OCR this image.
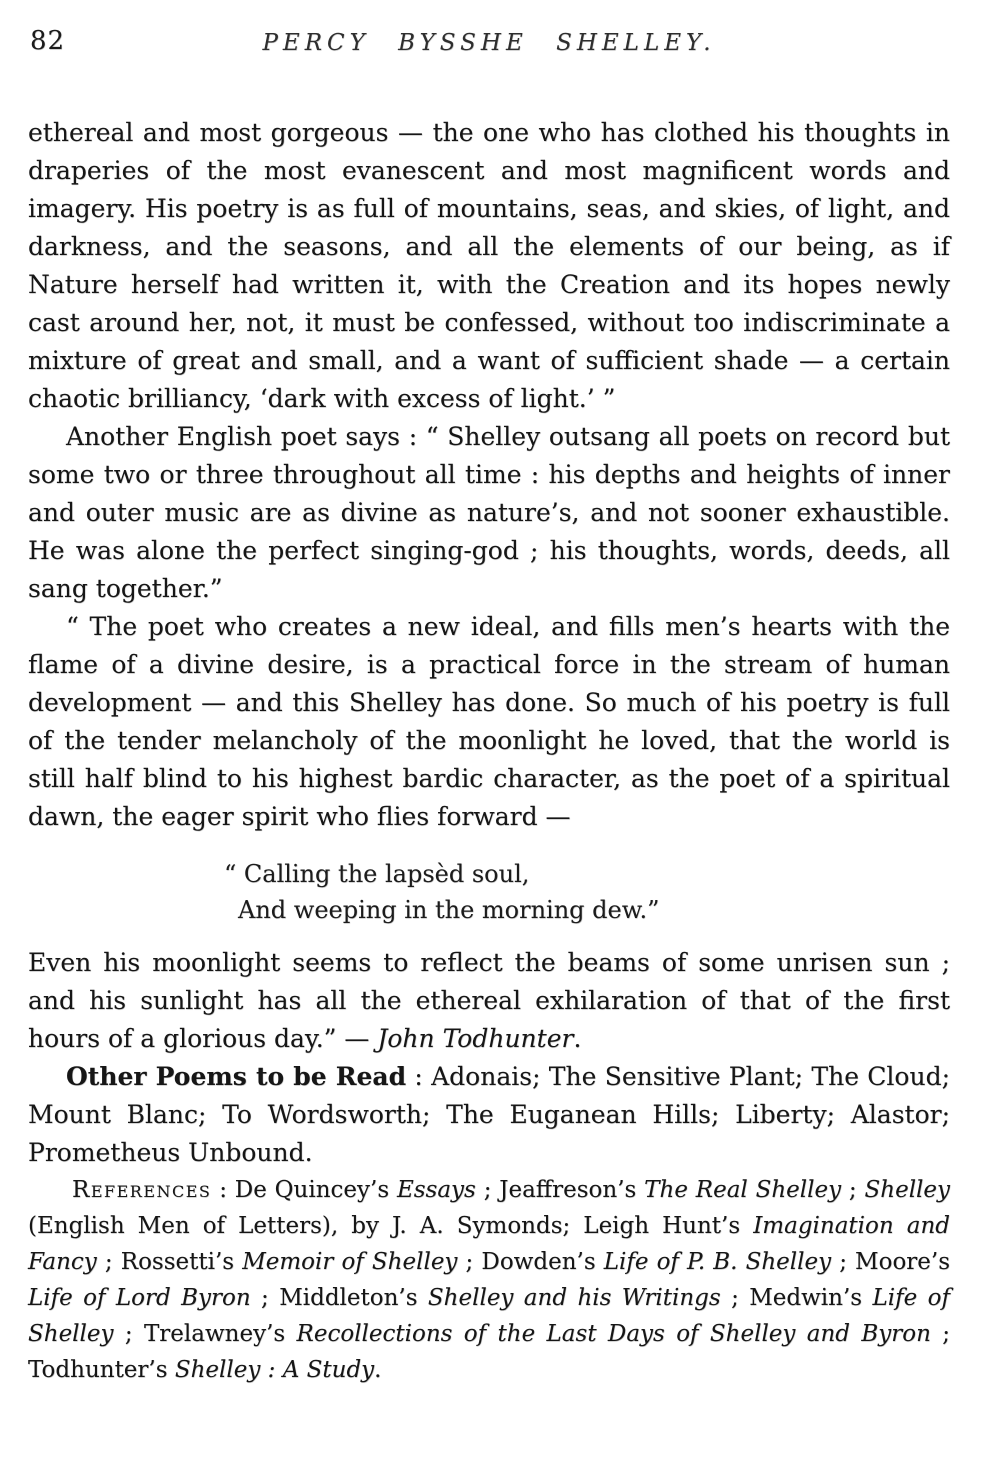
82	PERCY BYSSHE SHELLEY.

ethereal and most gorgeous — the one who has clothed his thoughts in draperies of the most evanescent and most magnificent words and imagery. His poetry is as full of mountains, seas, and skies, of light, and darkness, and the seasons, and all the elements of our being, as if Nature herself had written it, with the Creation and its hopes newly cast around her, not, it must be confessed, without too indiscriminate a mixture of great and small, and a want of sufficient shade — a certain chaotic brilliancy, ‘dark with excess of light.’ ”

Another English poet says : “ Shelley outsang all poets on record but some two or three throughout all time : his depths and heights of inner and outer music are as divine as nature’s, and not sooner exhaustible. He was alone the perfect singing-god ; his thoughts, words, deeds, all sang together.”

“ The poet who creates a new ideal, and fills men’s hearts with the flame of a divine desire, is a practical force in the stream of human development — and this Shelley has done. So much of his poetry is full of the tender melancholy of the moonlight he loved, that the world is still half blind to his highest bardic character, as the poet of a spiritual dawn, the eager spirit who flies forward —

“ Calling the lapsèd soul,
And weeping in the morning dew.”

Even his moonlight seems to reflect the beams of some unrisen sun ; and his sunlight has all the ethereal exhilaration of that of the first hours of a glorious day.” — John Todhunter.

Other Poems to be Read : Adonais; The Sensitive Plant; The Cloud; Mount Blanc; To Wordsworth; The Euganean Hills; Liberty; Alastor; Prometheus Unbound.

References : De Quincey’s Essays ; Jeaffreson’s The Real Shelley ; Shelley (English Men of Letters), by J. A. Symonds; Leigh Hunt’s Imagination and Fancy ; Rossetti’s Memoir of Shelley ; Dowden’s Life of P. B. Shelley ; Moore’s Life of Lord Byron ; Middleton’s Shelley and his Writings ; Medwin’s Life of Shelley ; Trelawney’s Recollections of the Last Days of Shelley and Byron ; Todhunter’s Shelley : A Study.
